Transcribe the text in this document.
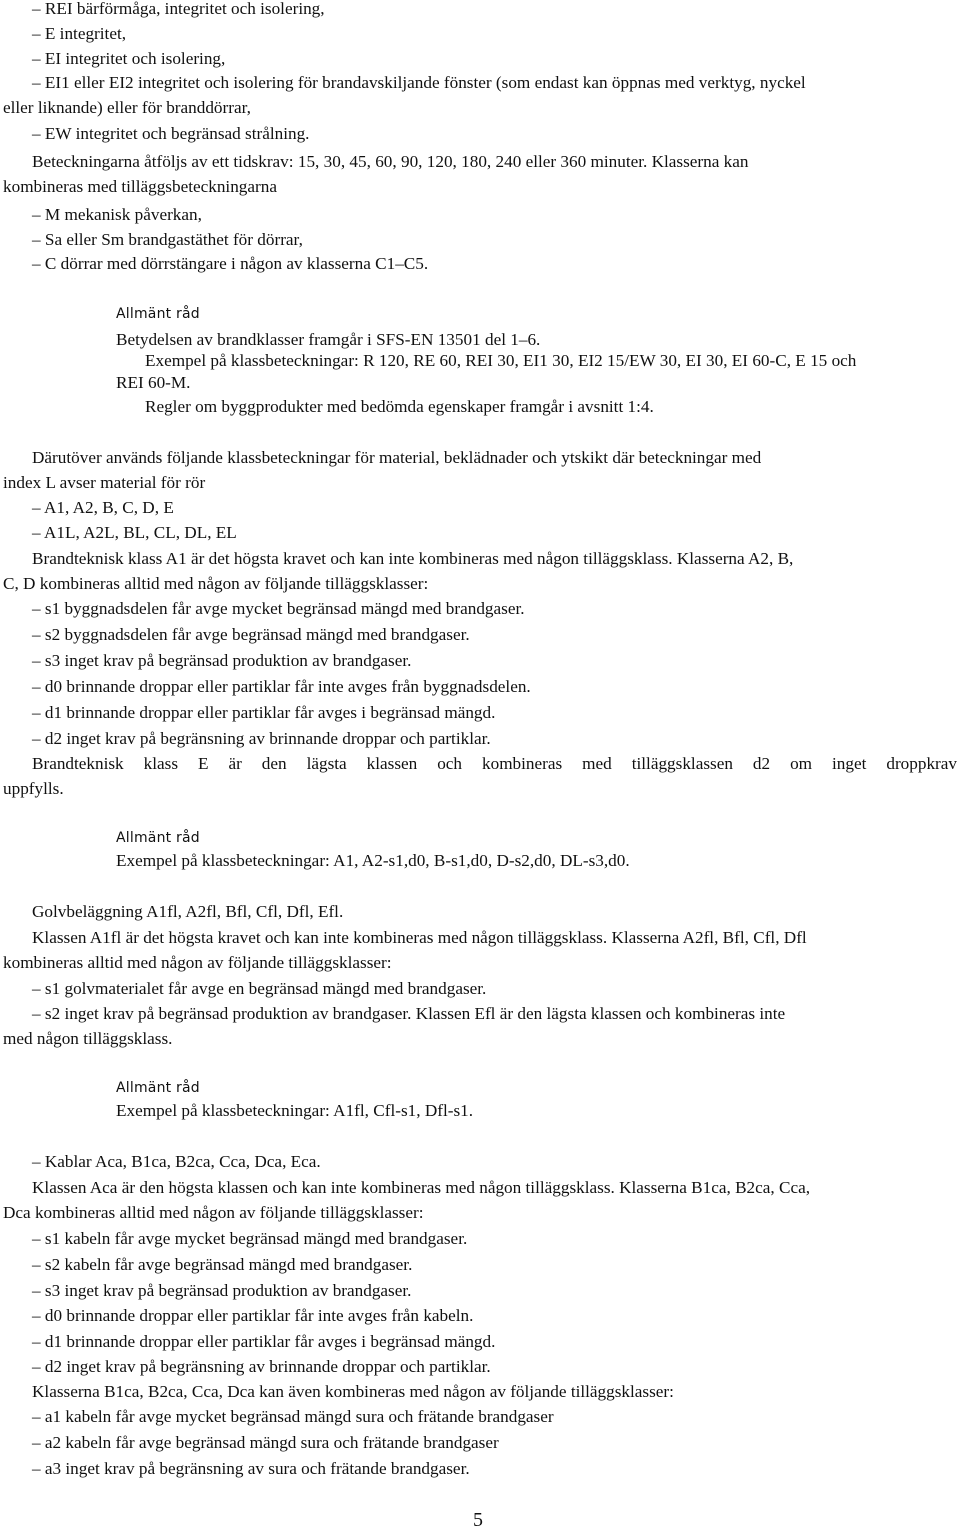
– REI bärförmåga, integritet och isolering,
– E integritet,
– EI integritet och isolering,
– EI1 eller EI2 integritet och isolering för brandavskiljande fönster (som endast kan öppnas med verktyg, nyckel
eller liknande) eller för branddörrar,
– EW integritet och begränsad strålning.
Beteckningarna åtföljs av ett tidskrav: 15, 30, 45, 60, 90, 120, 180, 240 eller 360 minuter. Klasserna kan
kombineras med tilläggsbeteckningarna
– M mekanisk påverkan,
– Sa eller Sm brandgastäthet för dörrar,
– C dörrar med dörrstängare i någon av klasserna C1–C5.
Allmänt råd
Betydelsen av brandklasser framgår i SFS-EN 13501 del 1–6.
Exempel på klassbeteckningar: R 120, RE 60, REI 30, EI1 30, EI2 15/EW 30, EI 30, EI 60-C, E 15 och
REI 60-M.
Regler om byggprodukter med bedömda egenskaper framgår i avsnitt 1:4.
Därutöver används följande klassbeteckningar för material, beklädnader och ytskikt där beteckningar med
index L avser material för rör
– A1, A2, B, C, D, E
– A1L, A2L, BL, CL, DL, EL
Brandteknisk klass A1 är det högsta kravet och kan inte kombineras med någon tilläggsklass. Klasserna A2, B,
C, D kombineras alltid med någon av följande tilläggsklasser:
– s1 byggnadsdelen får avge mycket begränsad mängd med brandgaser.
– s2 byggnadsdelen får avge begränsad mängd med brandgaser.
– s3 inget krav på begränsad produktion av brandgaser.
– d0 brinnande droppar eller partiklar får inte avges från byggnadsdelen.
– d1 brinnande droppar eller partiklar får avges i begränsad mängd.
– d2 inget krav på begränsning av brinnande droppar och partiklar.
Brandteknisk klass E är den lägsta klassen och kombineras med tilläggsklassen d2 om inget droppkrav
uppfylls.
Allmänt råd
Exempel på klassbeteckningar: A1, A2-s1,d0, B-s1,d0, D-s2,d0, DL-s3,d0.
Golvbeläggning A1fl, A2fl, Bfl, Cfl, Dfl, Efl.
Klassen A1fl är det högsta kravet och kan inte kombineras med någon tilläggsklass. Klasserna A2fl, Bfl, Cfl, Dfl
kombineras alltid med någon av följande tilläggsklasser:
– s1 golvmaterialet får avge en begränsad mängd med brandgaser.
– s2 inget krav på begränsad produktion av brandgaser. Klassen Efl är den lägsta klassen och kombineras inte
med någon tilläggsklass.
Allmänt råd
Exempel på klassbeteckningar: A1fl, Cfl-s1, Dfl-s1.
– Kablar Aca, B1ca, B2ca, Cca, Dca, Eca.
Klassen Aca är den högsta klassen och kan inte kombineras med någon tilläggsklass. Klasserna B1ca, B2ca, Cca,
Dca kombineras alltid med någon av följande tilläggsklasser:
– s1 kabeln får avge mycket begränsad mängd med brandgaser.
– s2 kabeln får avge begränsad mängd med brandgaser.
– s3 inget krav på begränsad produktion av brandgaser.
– d0 brinnande droppar eller partiklar får inte avges från kabeln.
– d1 brinnande droppar eller partiklar får avges i begränsad mängd.
– d2 inget krav på begränsning av brinnande droppar och partiklar.
Klasserna B1ca, B2ca, Cca, Dca kan även kombineras med någon av följande tilläggsklasser:
– a1 kabeln får avge mycket begränsad mängd sura och frätande brandgaser
– a2 kabeln får avge begränsad mängd sura och frätande brandgaser
– a3 inget krav på begränsning av sura och frätande brandgaser.
5
